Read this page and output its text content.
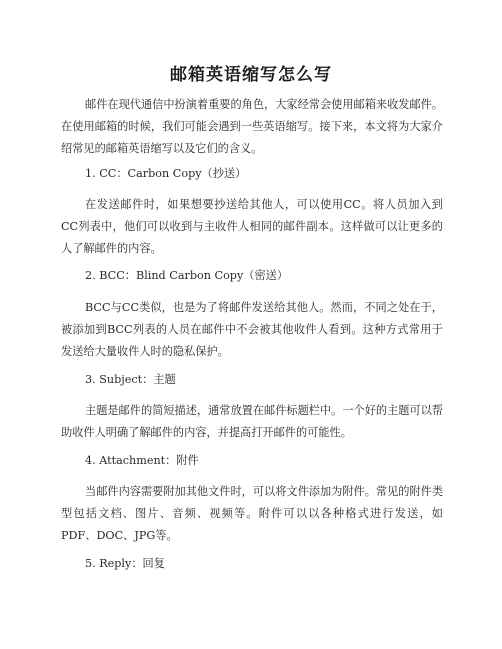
邮箱英语缩写怎么写

邮件在现代通信中扮演着重要的角色，大家经常会使用邮箱来收发邮件。在使用邮箱的时候，我们可能会遇到一些英语缩写。接下来，本文将为大家介绍常见的邮箱英语缩写以及它们的含义。

1. CC：Carbon Copy（抄送）

在发送邮件时，如果想要抄送给其他人，可以使用CC。将人员加入到CC列表中，他们可以收到与主收件人相同的邮件副本。这样做可以让更多的人了解邮件的内容。

2. BCC：Blind Carbon Copy（密送）

BCC与CC类似，也是为了将邮件发送给其他人。然而，不同之处在于，被添加到BCC列表的人员在邮件中不会被其他收件人看到。这种方式常用于发送给大量收件人时的隐私保护。

3. Subject：主题

主题是邮件的简短描述，通常放置在邮件标题栏中。一个好的主题可以帮助收件人明确了解邮件的内容，并提高打开邮件的可能性。

4. Attachment：附件

当邮件内容需要附加其他文件时，可以将文件添加为附件。常见的附件类型包括文档、图片、音频、视频等。附件可以以各种格式进行发送，如PDF、DOC、JPG等。

5. Reply：回复
